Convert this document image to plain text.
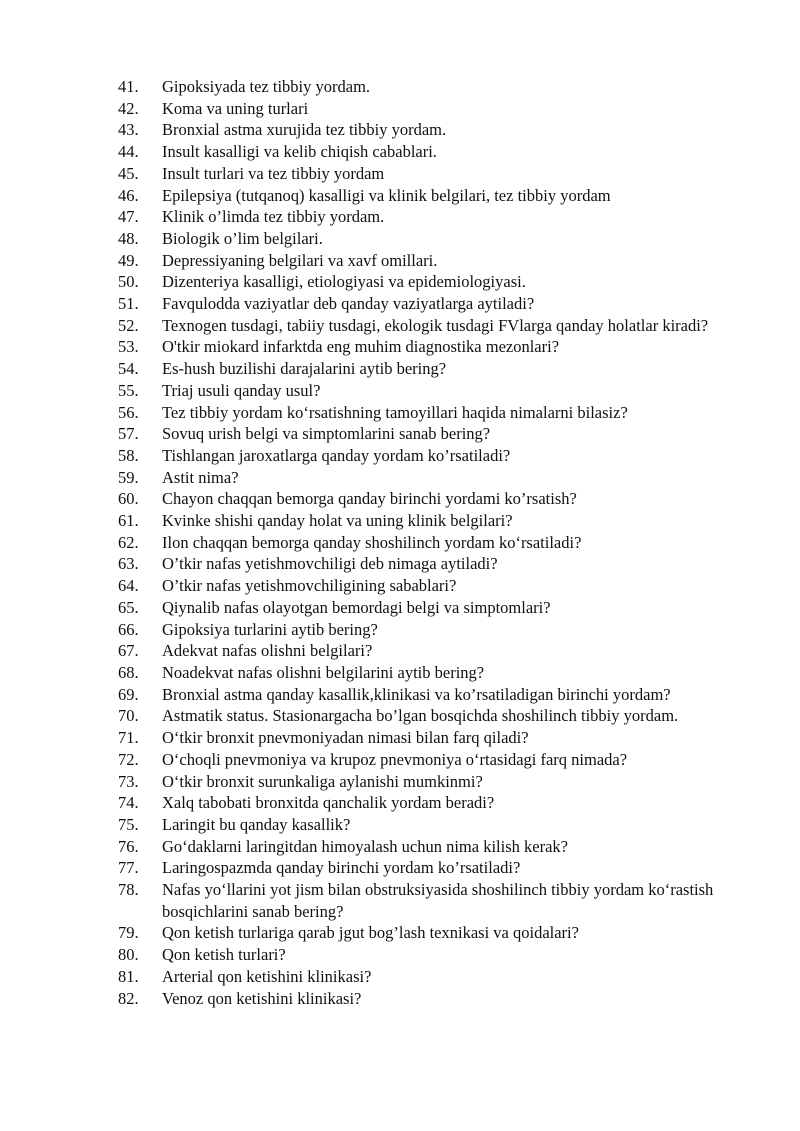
41.	Gipoksiyada tez tibbiy yordam.
42.	Koma va uning turlari
43.	Bronxial astma xurujida tez tibbiy yordam.
44.	Insult kasalligi va kelib chiqish cabablari.
45.	Insult turlari va tez tibbiy yordam
46.	Epilepsiya (tutqanoq) kasalligi va klinik belgilari, tez tibbiy yordam
47.	Klinik o’limda tez tibbiy yordam.
48.	Biologik o’lim belgilari.
49.	Depressiyaning belgilari va xavf omillari.
50.	Dizenteriya kasalligi, etiologiyasi va epidemiologiyasi.
51.	Favqulodda vaziyatlar deb qanday vaziyatlarga aytiladi?
52.	Texnogen tusdagi, tabiiy tusdagi, ekologik tusdagi FVlarga qanday holatlar kiradi?
53.	O'tkir miokard infarktda eng muhim diagnostika mezonlari?
54.	Es-hush buzilishi darajalarini aytib bering?
55.	Triaj usuli qanday usul?
56.	Tez tibbiy yordam ko‘rsatishning tamoyillari haqida nimalarni bilasiz?
57.	Sovuq urish belgi va simptomlarini sanab bering?
58.	Tishlangan jaroxatlarga qanday yordam ko’rsatiladi?
59.	Astit nima?
60.	Chayon chaqqan bemorga qanday birinchi yordami ko’rsatish?
61.	Kvinke shishi qanday holat va uning klinik belgilari?
62.	Ilon chaqqan bemorga qanday shoshilinch yordam ko‘rsatiladi?
63.	O’tkir nafas yetishmovchiligi deb nimaga aytiladi?
64.	O’tkir nafas yetishmovchiligining sabablari?
65.	Qiynalib nafas olayotgan bemordagi belgi va simptomlari?
66.	Gipoksiya turlarini aytib bering?
67.	Adekvat nafas olishni belgilari?
68.	Noadekvat nafas olishni belgilarini aytib bering?
69.	Bronxial astma qanday kasallik,klinikasi va ko’rsatiladigan birinchi yordam?
70.	Astmatik status. Stasionargacha bo’lgan bosqichda shoshilinch tibbiy yordam.
71.	O‘tkir bronxit pnevmoniyadan nimasi bilan farq qiladi?
72.	O‘choqli pnevmoniya va krupoz pnevmoniya o‘rtasidagi farq nimada?
73.	O‘tkir bronxit surunkaliga aylanishi mumkinmi?
74.	Xalq tabobati bronxitda qanchalik yordam beradi?
75.	Laringit bu qanday kasallik?
76.	Go‘daklarni laringitdan himoyalash uchun nima kilish kerak?
77.	Laringospazmda qanday birinchi yordam ko’rsatiladi?
78.	Nafas yo‘llarini yot jism bilan obstruksiyasida shoshilinch tibbiy yordam ko‘rastish bosqichlarini sanab bering?
79.	Qon ketish turlariga qarab jgut bog’lash texnikasi va qoidalari?
80.	Qon ketish turlari?
81.	Arterial qon ketishini klinikasi?
82.	Venoz qon ketishini klinikasi?
